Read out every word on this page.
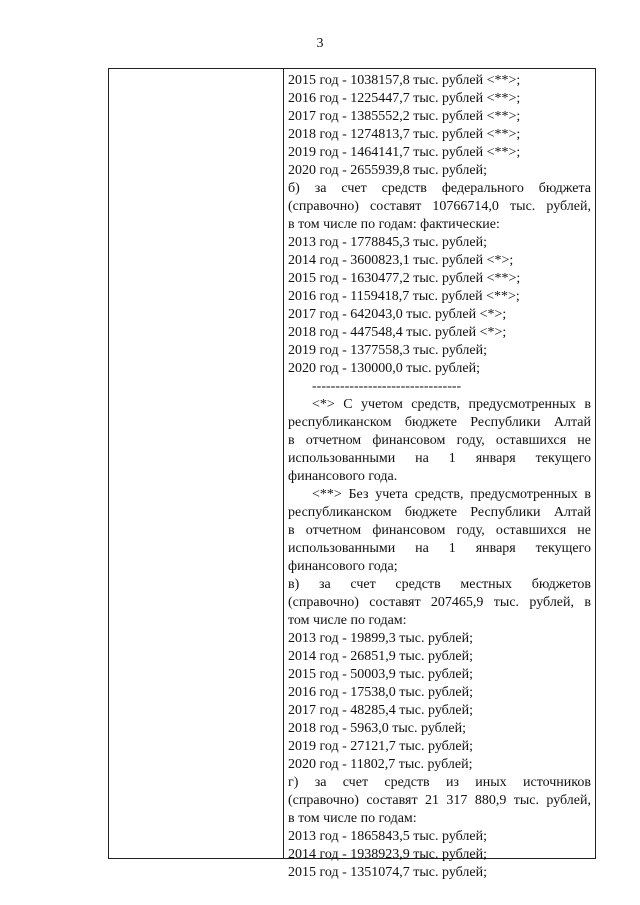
3
2015 год - 1038157,8 тыс. рублей <**>;
2016 год - 1225447,7 тыс. рублей <**>;
2017 год - 1385552,2 тыс. рублей <**>;
2018 год - 1274813,7 тыс. рублей <**>;
2019 год - 1464141,7 тыс. рублей <**>;
2020 год - 2655939,8 тыс. рублей;
б) за счет средств федерального бюджета
(справочно) составят 10766714,0 тыс. рублей,
в том числе по годам: фактические:
2013 год - 1778845,3 тыс. рублей;
2014 год - 3600823,1 тыс. рублей <*>;
2015 год - 1630477,2 тыс. рублей <**>;
2016 год - 1159418,7 тыс. рублей <**>;
2017 год - 642043,0 тыс. рублей <*>;
2018 год - 447548,4 тыс. рублей <*>;
2019 год - 1377558,3 тыс. рублей;
2020 год - 130000,0 тыс. рублей;
--------------------------------
<*> С учетом средств, предусмотренных в
республиканском бюджете Республики Алтай
в отчетном финансовом году, оставшихся не
использованными на 1 января текущего
финансового года.
<**> Без учета средств, предусмотренных в
республиканском бюджете Республики Алтай
в отчетном финансовом году, оставшихся не
использованными на 1 января текущего
финансового года;
в) за счет средств местных бюджетов
(справочно) составят 207465,9 тыс. рублей, в
том числе по годам:
2013 год - 19899,3 тыс. рублей;
2014 год - 26851,9 тыс. рублей;
2015 год - 50003,9 тыс. рублей;
2016 год - 17538,0 тыс. рублей;
2017 год - 48285,4 тыс. рублей;
2018 год - 5963,0 тыс. рублей;
2019 год - 27121,7 тыс. рублей;
2020 год - 11802,7 тыс. рублей;
г) за счет средств из иных источников
(справочно) составят 21 317 880,9 тыс. рублей,
в том числе по годам:
2013 год - 1865843,5 тыс. рублей;
2014 год - 1938923,9 тыс. рублей;
2015 год - 1351074,7 тыс. рублей;
